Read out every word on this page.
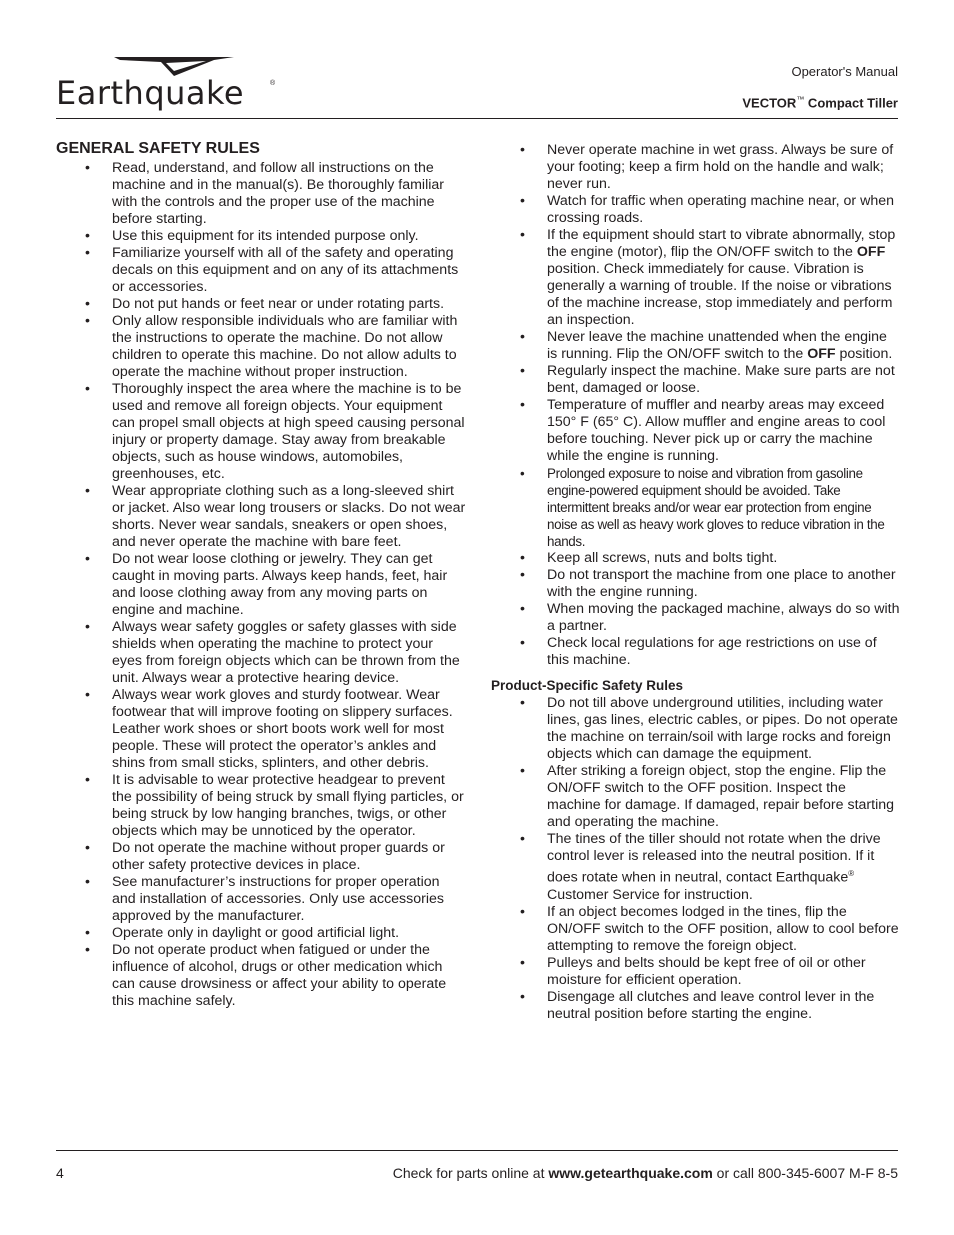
Earthquake	®
Operator's Manual
VECTOR™ Compact Tiller
GENERAL SAFETY RULES
• Read, understand, and follow all instructions on the machine and in the manual(s). Be thoroughly familiar with the controls and the proper use of the machine before starting.
• Use this equipment for its intended purpose only.
• Familiarize yourself with all of the safety and operating decals on this equipment and on any of its attachments or accessories.
• Do not put hands or feet near or under rotating parts.
• Only allow responsible individuals who are familiar with the instructions to operate the machine. Do not allow children to operate this machine. Do not allow adults to operate the machine without proper instruction.
• Thoroughly inspect the area where the machine is to be used and remove all foreign objects. Your equipment can propel small objects at high speed causing personal injury or property damage. Stay away from breakable objects, such as house windows, automobiles, greenhouses, etc.
• Wear appropriate clothing such as a long-sleeved shirt or jacket. Also wear long trousers or slacks. Do not wear shorts. Never wear sandals, sneakers or open shoes, and never operate the machine with bare feet.
• Do not wear loose clothing or jewelry. They can get caught in moving parts. Always keep hands, feet, hair and loose clothing away from any moving parts on engine and machine.
• Always wear safety goggles or safety glasses with side shields when operating the machine to protect your eyes from foreign objects which can be thrown from the unit. Always wear a protective hearing device.
• Always wear work gloves and sturdy footwear. Wear footwear that will improve footing on slippery surfaces. Leather work shoes or short boots work well for most people. These will protect the operator’s ankles and shins from small sticks, splinters, and other debris.
• It is advisable to wear protective headgear to prevent the possibility of being struck by small flying particles, or being struck by low hanging branches, twigs, or other objects which may be unnoticed by the operator.
• Do not operate the machine without proper guards or other safety protective devices in place.
• See manufacturer’s instructions for proper operation and installation of accessories. Only use accessories approved by the manufacturer.
• Operate only in daylight or good artificial light.
• Do not operate product when fatigued or under the influence of alcohol, drugs or other medication which can cause drowsiness or affect your ability to operate this machine safely.
• Never operate machine in wet grass. Always be sure of your footing; keep a firm hold on the handle and walk; never run.
• Watch for traffic when operating machine near, or when
crossing roads.
• If the equipment should start to vibrate abnormally, stop the engine (motor), flip the ON/OFF switch to the OFF position. Check immediately for cause. Vibration is generally a warning of trouble. If the noise or vibrations of the machine increase, stop immediately and perform an inspection.
• Never leave the machine unattended when the engine is running. Flip the ON/OFF switch to the OFF position.
• Regularly inspect the machine. Make sure parts are not bent, damaged or loose.
• Temperature of muffler and nearby areas may exceed 150° F (65° C). Allow muffler and engine areas to cool before touching. Never pick up or carry the machine while the engine is running.
• Prolonged exposure to noise and vibration from gasoline engine-powered equipment should be avoided. Take intermittent breaks and/or wear ear protection from engine noise as well as heavy work gloves to reduce vibration in the hands.
• Keep all screws, nuts and bolts tight.
• Do not transport the machine from one place to another with the engine running.
• When moving the packaged machine, always do so with a partner.
• Check local regulations for age restrictions on use of this machine.
Product-Specific Safety Rules
• Do not till above underground utilities, including water lines, gas lines, electric cables, or pipes. Do not operate the machine on terrain/soil with large rocks and foreign objects which can damage the equipment.
• After striking a foreign object, stop the engine. Flip the ON/OFF switch to the OFF position. Inspect the machine for damage. If damaged, repair before starting and operating the machine.
• The tines of the tiller should not rotate when the drive control lever is released into the neutral position. If it does rotate when in neutral, contact Earthquake® Customer Service for instruction.
• If an object becomes lodged in the tines, flip the ON/OFF switch to the OFF position, allow to cool before attempting to remove the foreign object.
• Pulleys and belts should be kept free of oil or other moisture for efficient operation.
• Disengage all clutches and leave control lever in the neutral position before starting the engine.
4	Check for parts online at www.getearthquake.com or call 800-345-6007 M-F 8-5
